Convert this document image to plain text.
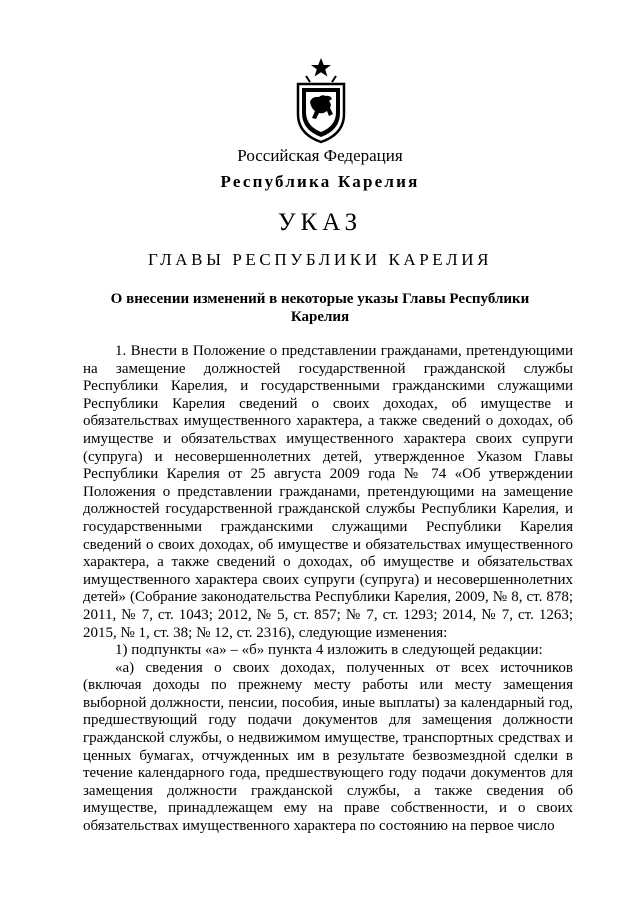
Российская Федерация
Республика Карелия
УКАЗ
ГЛАВЫ РЕСПУБЛИКИ КАРЕЛИЯ
О внесении изменений в некоторые указы Главы Республики Карелия

1. Внести в Положение о представлении гражданами, претендующими на замещение должностей государственной гражданской службы Республики Карелия, и государственными гражданскими служащими Республики Карелия сведений о своих доходах, об имуществе и обязательствах имущественного характера, а также сведений о доходах, об имуществе и обязательствах имущественного характера своих супруги (супруга) и несовершеннолетних детей, утвержденное Указом Главы Республики Карелия от 25 августа 2009 года № 74 «Об утверждении Положения о представлении гражданами, претендующими на замещение должностей государственной гражданской службы Республики Карелия, и государственными гражданскими служащими Республики Карелия сведений о своих доходах, об имуществе и обязательствах имущественного характера, а также сведений о доходах, об имуществе и обязательствах имущественного характера своих супруги (супруга) и несовершеннолетних детей» (Собрание законодательства Республики Карелия, 2009, № 8, ст. 878; 2011, № 7, ст. 1043; 2012, № 5, ст. 857; № 7, ст. 1293; 2014, № 7, ст. 1263; 2015, № 1, ст. 38; № 12, ст. 2316), следующие изменения:

1) подпункты «а» – «б» пункта 4 изложить в следующей редакции:

«а) сведения о своих доходах, полученных от всех источников (включая доходы по прежнему месту работы или месту замещения выборной должности, пенсии, пособия, иные выплаты) за календарный год, предшествующий году подачи документов для замещения должности гражданской службы, о недвижимом имуществе, транспортных средствах и ценных бумагах, отчужденных им в результате безвозмездной сделки в течение календарного года, предшествующего году подачи документов для замещения должности гражданской службы, а также сведения об имуществе, принадлежащем ему на праве собственности, и о своих обязательствах имущественного характера по состоянию на первое число
